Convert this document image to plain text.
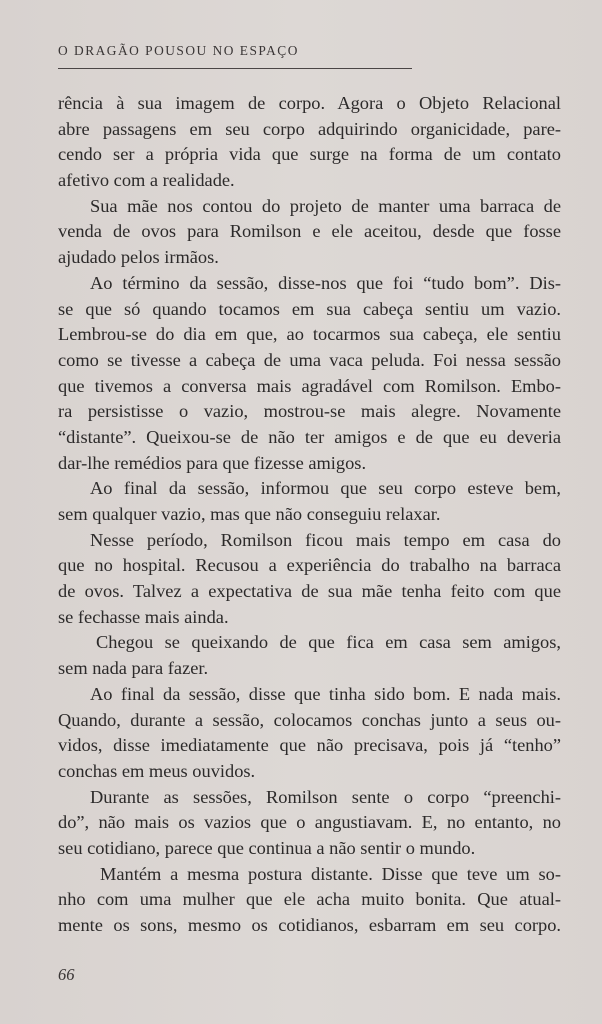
O DRAGÃO POUSOU NO ESPAÇO
rência à sua imagem de corpo. Agora o Objeto Relacional
abre passagens em seu corpo adquirindo organicidade, pare-
cendo ser a própria vida que surge na forma de um contato
afetivo com a realidade.
Sua mãe nos contou do projeto de manter uma barraca de
venda de ovos para Romilson e ele aceitou, desde que fosse
ajudado pelos irmãos.
Ao término da sessão, disse-nos que foi “tudo bom”. Dis-
se que só quando tocamos em sua cabeça sentiu um vazio.
Lembrou-se do dia em que, ao tocarmos sua cabeça, ele sentiu
como se tivesse a cabeça de uma vaca peluda. Foi nessa sessão
que tivemos a conversa mais agradável com Romilson. Embo-
ra persistisse o vazio, mostrou-se mais alegre. Novamente
“distante”. Queixou-se de não ter amigos e de que eu deveria
dar-lhe remédios para que fizesse amigos.
Ao final da sessão, informou que seu corpo esteve bem,
sem qualquer vazio, mas que não conseguiu relaxar.
Nesse período, Romilson ficou mais tempo em casa do
que no hospital. Recusou a experiência do trabalho na barraca
de ovos. Talvez a expectativa de sua mãe tenha feito com que
se fechasse mais ainda.
Chegou se queixando de que fica em casa sem amigos,
sem nada para fazer.
Ao final da sessão, disse que tinha sido bom. E nada mais.
Quando, durante a sessão, colocamos conchas junto a seus ou-
vidos, disse imediatamente que não precisava, pois já “tenho”
conchas em meus ouvidos.
Durante as sessões, Romilson sente o corpo “preenchi-
do”, não mais os vazios que o angustiavam. E, no entanto, no
seu cotidiano, parece que continua a não sentir o mundo.
Mantém a mesma postura distante. Disse que teve um so-
nho com uma mulher que ele acha muito bonita. Que atual-
mente os sons, mesmo os cotidianos, esbarram em seu corpo.
66
